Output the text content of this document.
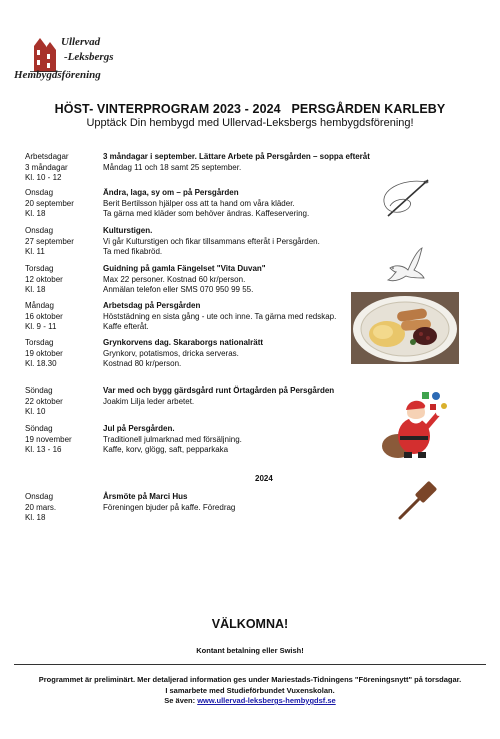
Ullervad
-Leksbergs
Hembygdsförening
HÖST- VINTERPROGRAM 2023 - 2024   PERSGÅRDEN KARLEBY
Upptäck Din hembygd med Ullervad-Leksbergs hembygdsförening!
Arbetsdagar
3 måndagar
Kl. 10 - 12
3 måndagar i september. Lättare Arbete på Persgården – soppa efteråt
Måndag 11 och 18 samt 25 september.
Onsdag
20 september
Kl. 18
Ändra, laga, sy om – på Persgården
Berit Bertilsson hjälper oss att ta hand om våra kläder.
Ta gärna med kläder som behöver ändras. Kaffeservering.
Onsdag
27 september
Kl. 11
Kulturstigen.
Vi går Kulturstigen och fikar tillsammans efteråt i Persgården.
Ta med fikabröd.
Torsdag
12 oktober
Kl. 18
Guidning på gamla Fängelset "Vita Duvan"
Max 22 personer. Kostnad 60 kr/person.
Anmälan telefon eller SMS 070 950 99 55.
Måndag
16 oktober
Kl. 9 - 11
Arbetsdag på Persgården
Höststädning en sista gång - ute och inne. Ta gärna med redskap.
Kaffe efteråt.
Torsdag
19 oktober
Kl. 18.30
Grynkorvens dag. Skaraborgs nationalrätt
Grynkorv, potatismos, dricka serveras.
Kostnad 80 kr/person.
Söndag
22 oktober
Kl. 10
Var med och bygg gärdsgård runt Örtagården på Persgården
Joakim Lilja leder arbetet.
Söndag
19 november
Kl. 13 - 16
Jul på Persgården.
Traditionell julmarknad med försäljning.
Kaffe, korv, glögg, saft, pepparkaka
2024
Onsdag
20 mars.
Kl. 18
Årsmöte på Marci Hus
Föreningen bjuder på kaffe. Föredrag
VÄLKOMNA!
Kontant betalning eller Swish!
Programmet är preliminärt. Mer detaljerad information ges under Mariestads-Tidningens "Föreningsnytt" på torsdagar.
I samarbete med Studieförbundet Vuxenskolan.
Se även: www.ullervad-leksbergs-hembygdsf.se
